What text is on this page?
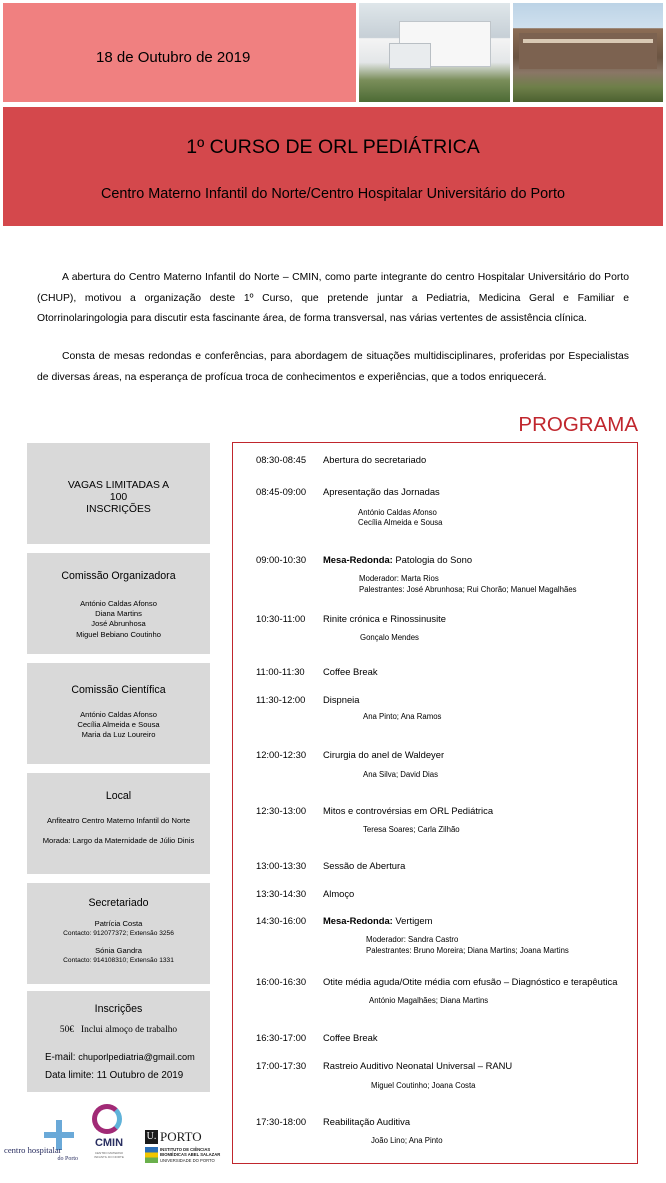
18 de Outubro de 2019
1º CURSO DE ORL PEDIÁTRICA
Centro Materno Infantil do Norte/Centro Hospitalar Universitário do Porto
A abertura do Centro Materno Infantil do Norte – CMIN, como parte integrante do centro Hospitalar Universitário do Porto (CHUP), motivou a organização deste 1º Curso, que pretende juntar a Pediatria, Medicina Geral e Familiar e Otorrinolaringologia para discutir esta fascinante área, de forma transversal, nas várias vertentes de assistência clínica.
Consta de mesas redondas e conferências, para abordagem de situações multidisciplinares, proferidas por Especialistas de diversas áreas, na esperança de profícua troca de conhecimentos e experiências, que a todos enriquecerá.
PROGRAMA
VAGAS LIMITADAS A
100
INSCRIÇÕES
Comissão Organizadora
António Caldas Afonso
Diana Martins
José Abrunhosa
Miguel Bebiano Coutinho
Comissão Científica
António Caldas Afonso
Cecília Almeida e Sousa
Maria da Luz Loureiro
Local
Anfiteatro Centro Materno Infantil do Norte
Morada: Largo da Maternidade de Júlio Dinis
Secretariado
Patrícia Costa
Contacto: 912077372; Extensão 3256
Sónia Gandra
Contacto: 914108310; Extensão 1331
Inscrições
50€ Inclui almoço de trabalho
E-mail: chuporlpediatria@gmail.com
Data limite: 11 Outubro de 2019
08:30-08:45 Abertura do secretariado
08:45-09:00 Apresentação das Jornadas
António Caldas Afonso
Cecília Almeida e Sousa
09:00-10:30 Mesa-Redonda: Patologia do Sono
Moderador: Marta Rios
Palestrantes: José Abrunhosa; Rui Chorão; Manuel Magalhães
10:30-11:00 Rinite crónica e Rinossinusite
Gonçalo Mendes
11:00-11:30 Coffee Break
11:30-12:00 Dispneia
Ana Pinto; Ana Ramos
12:00-12:30 Cirurgia do anel de Waldeyer
Ana Silva; David Dias
12:30-13:00 Mitos e controvérsias em ORL Pediátrica
Teresa Soares; Carla Zilhão
13:00-13:30 Sessão de Abertura
13:30-14:30 Almoço
14:30-16:00 Mesa-Redonda: Vertigem
Moderador: Sandra Castro
Palestrantes: Bruno Moreira; Diana Martins; Joana Martins
16:00-16:30 Otite média aguda/Otite média com efusão – Diagnóstico e terapêutica
António Magalhães; Diana Martins
16:30-17:00 Coffee Break
17:00-17:30 Rastreio Auditivo Neonatal Universal – RANU
Miguel Coutinho; Joana Costa
17:30-18:00 Reabilitação Auditiva
João Lino; Ana Pinto
centro hospitalar
do Porto
CMIN
CENTRO MATERNO INFANTIL DO NORTE
U. PORTO
INSTITUTO DE CIÊNCIAS
BIOMÉDICAS ABEL SALAZAR
UNIVERSIDADE DO PORTO
